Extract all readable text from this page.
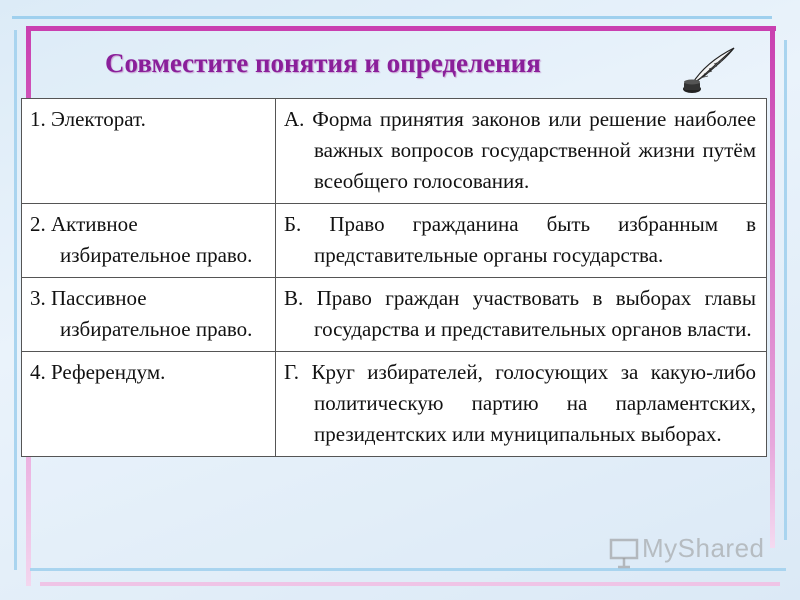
Совместите понятия и определения
1. Электорат.	А. Форма принятия законов или решение наиболее важных вопросов государственной жизни путём всеобщего голосования.

2. Активное избирательное право.	Б. Право гражданина быть избранным в представительные органы государства.

3. Пассивное избирательное право.	В. Право граждан участвовать в выборах главы государства и представительных органов власти.

4. Референдум.	Г. Круг избирателей, голосующих за какую-либо политическую партию на парламентских, президентских или муниципальных выборах.
MyShared
